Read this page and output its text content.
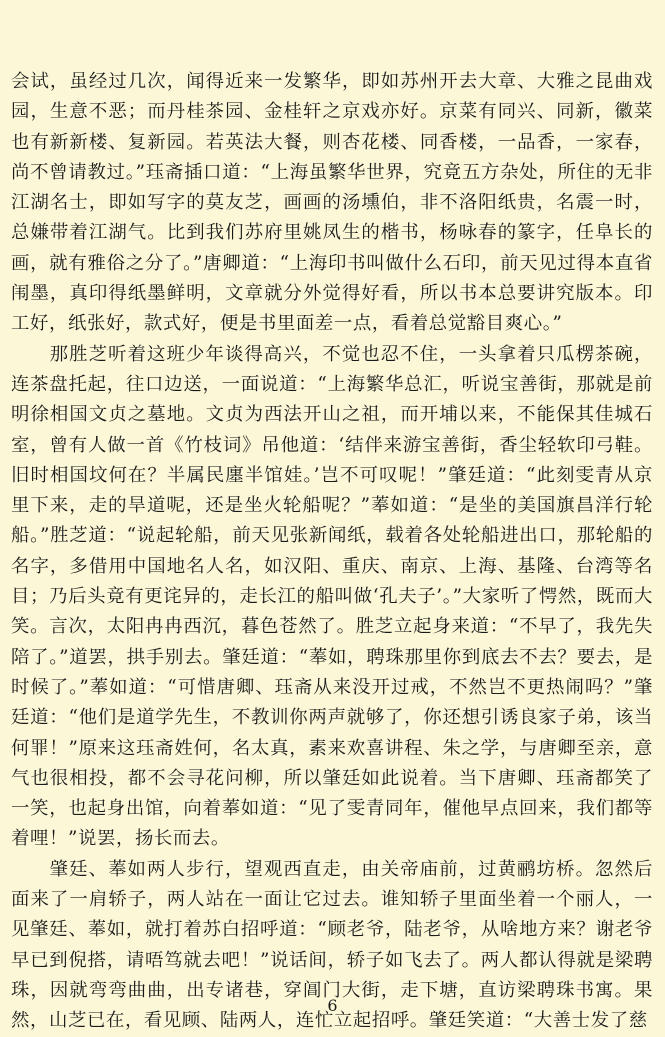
会试，虽经过几次，闻得近来一发繁华，即如苏州开去大章、大雅之昆曲戏园，生意不恶；而丹桂茶园、金桂轩之京戏亦好。京菜有同兴、同新，徽菜也有新新楼、复新园。若英法大餐，则杏花楼、同香楼，一品香，一家春，尚不曾请教过。”珏斋插口道：“上海虽繁华世界，究竟五方杂处，所住的无非江湖名士，即如写字的莫友芝，画画的汤壎伯，非不洛阳纸贵，名震一时，总嫌带着江湖气。比到我们苏府里姚凤生的楷书，杨咏春的篆字，任阜长的画，就有雅俗之分了。”唐卿道：“上海印书叫做什么石印，前天见过得本直省闱墨，真印得纸墨鲜明，文章就分外觉得好看，所以书本总要讲究版本。印工好，纸张好，款式好，便是书里面差一点，看着总觉豁目爽心。”

那胜芝听着这班少年谈得高兴，不觉也忍不住，一头拿着只瓜楞茶碗，连茶盘托起，往口边送，一面说道：“上海繁华总汇，听说宝善街，那就是前明徐相国文贞之墓地。文贞为西法开山之祖，而开埔以来，不能保其佳城石室，曾有人做一首《竹枝词》吊他道：‘结伴来游宝善街，香尘轻软印弓鞋。旧时相国坟何在？半属民廛半馆娃。’岂不可叹呢！”肇廷道：“此刻雯青从京里下来，走的旱道呢，还是坐火轮船呢？”菶如道：“是坐的美国旗昌洋行轮船。”胜芝道：“说起轮船，前天见张新闻纸，载着各处轮船进出口，那轮船的名字，多借用中国地名人名，如汉阳、重庆、南京、上海、基隆、台湾等名目；乃后头竟有更诧异的，走长江的船叫做‘孔夫子’。”大家听了愕然，既而大笑。言次，太阳冉冉西沉，暮色苍然了。胜芝立起身来道：“不早了，我先失陪了。”道罢，拱手别去。肇廷道：“菶如，聘珠那里你到底去不去？要去，是时候了。”菶如道：“可惜唐卿、珏斋从来没开过戒，不然岂不更热闹吗？”肇廷道：“他们是道学先生，不教训你两声就够了，你还想引诱良家子弟，该当何罪！”原来这珏斋姓何，名太真，素来欢喜讲程、朱之学，与唐卿至亲，意气也很相投，都不会寻花问柳，所以肇廷如此说着。当下唐卿、珏斋都笑了一笑，也起身出馆，向着菶如道：“见了雯青同年，催他早点回来，我们都等着哩！”说罢，扬长而去。

肇廷、菶如两人步行，望观西直走，由关帝庙前，过黄鹂坊桥。忽然后面来了一肩轿子，两人站在一面让它过去。谁知轿子里面坐着一个丽人，一见肇廷、菶如，就打着苏白招呼道：“顾老爷，陆老爷，从啥地方来？谢老爷早已到倪搭，请唔笃就去吧！”说话间，轿子如飞去了。两人都认得就是梁聘珠，因就弯弯曲曲，出专诸巷，穿阊门大街，走下塘，直访梁聘珠书寓。果然，山芝已在，看见顾、陆两人，连忙立起招呼。肇廷笑道：“大善士发了慈

6
